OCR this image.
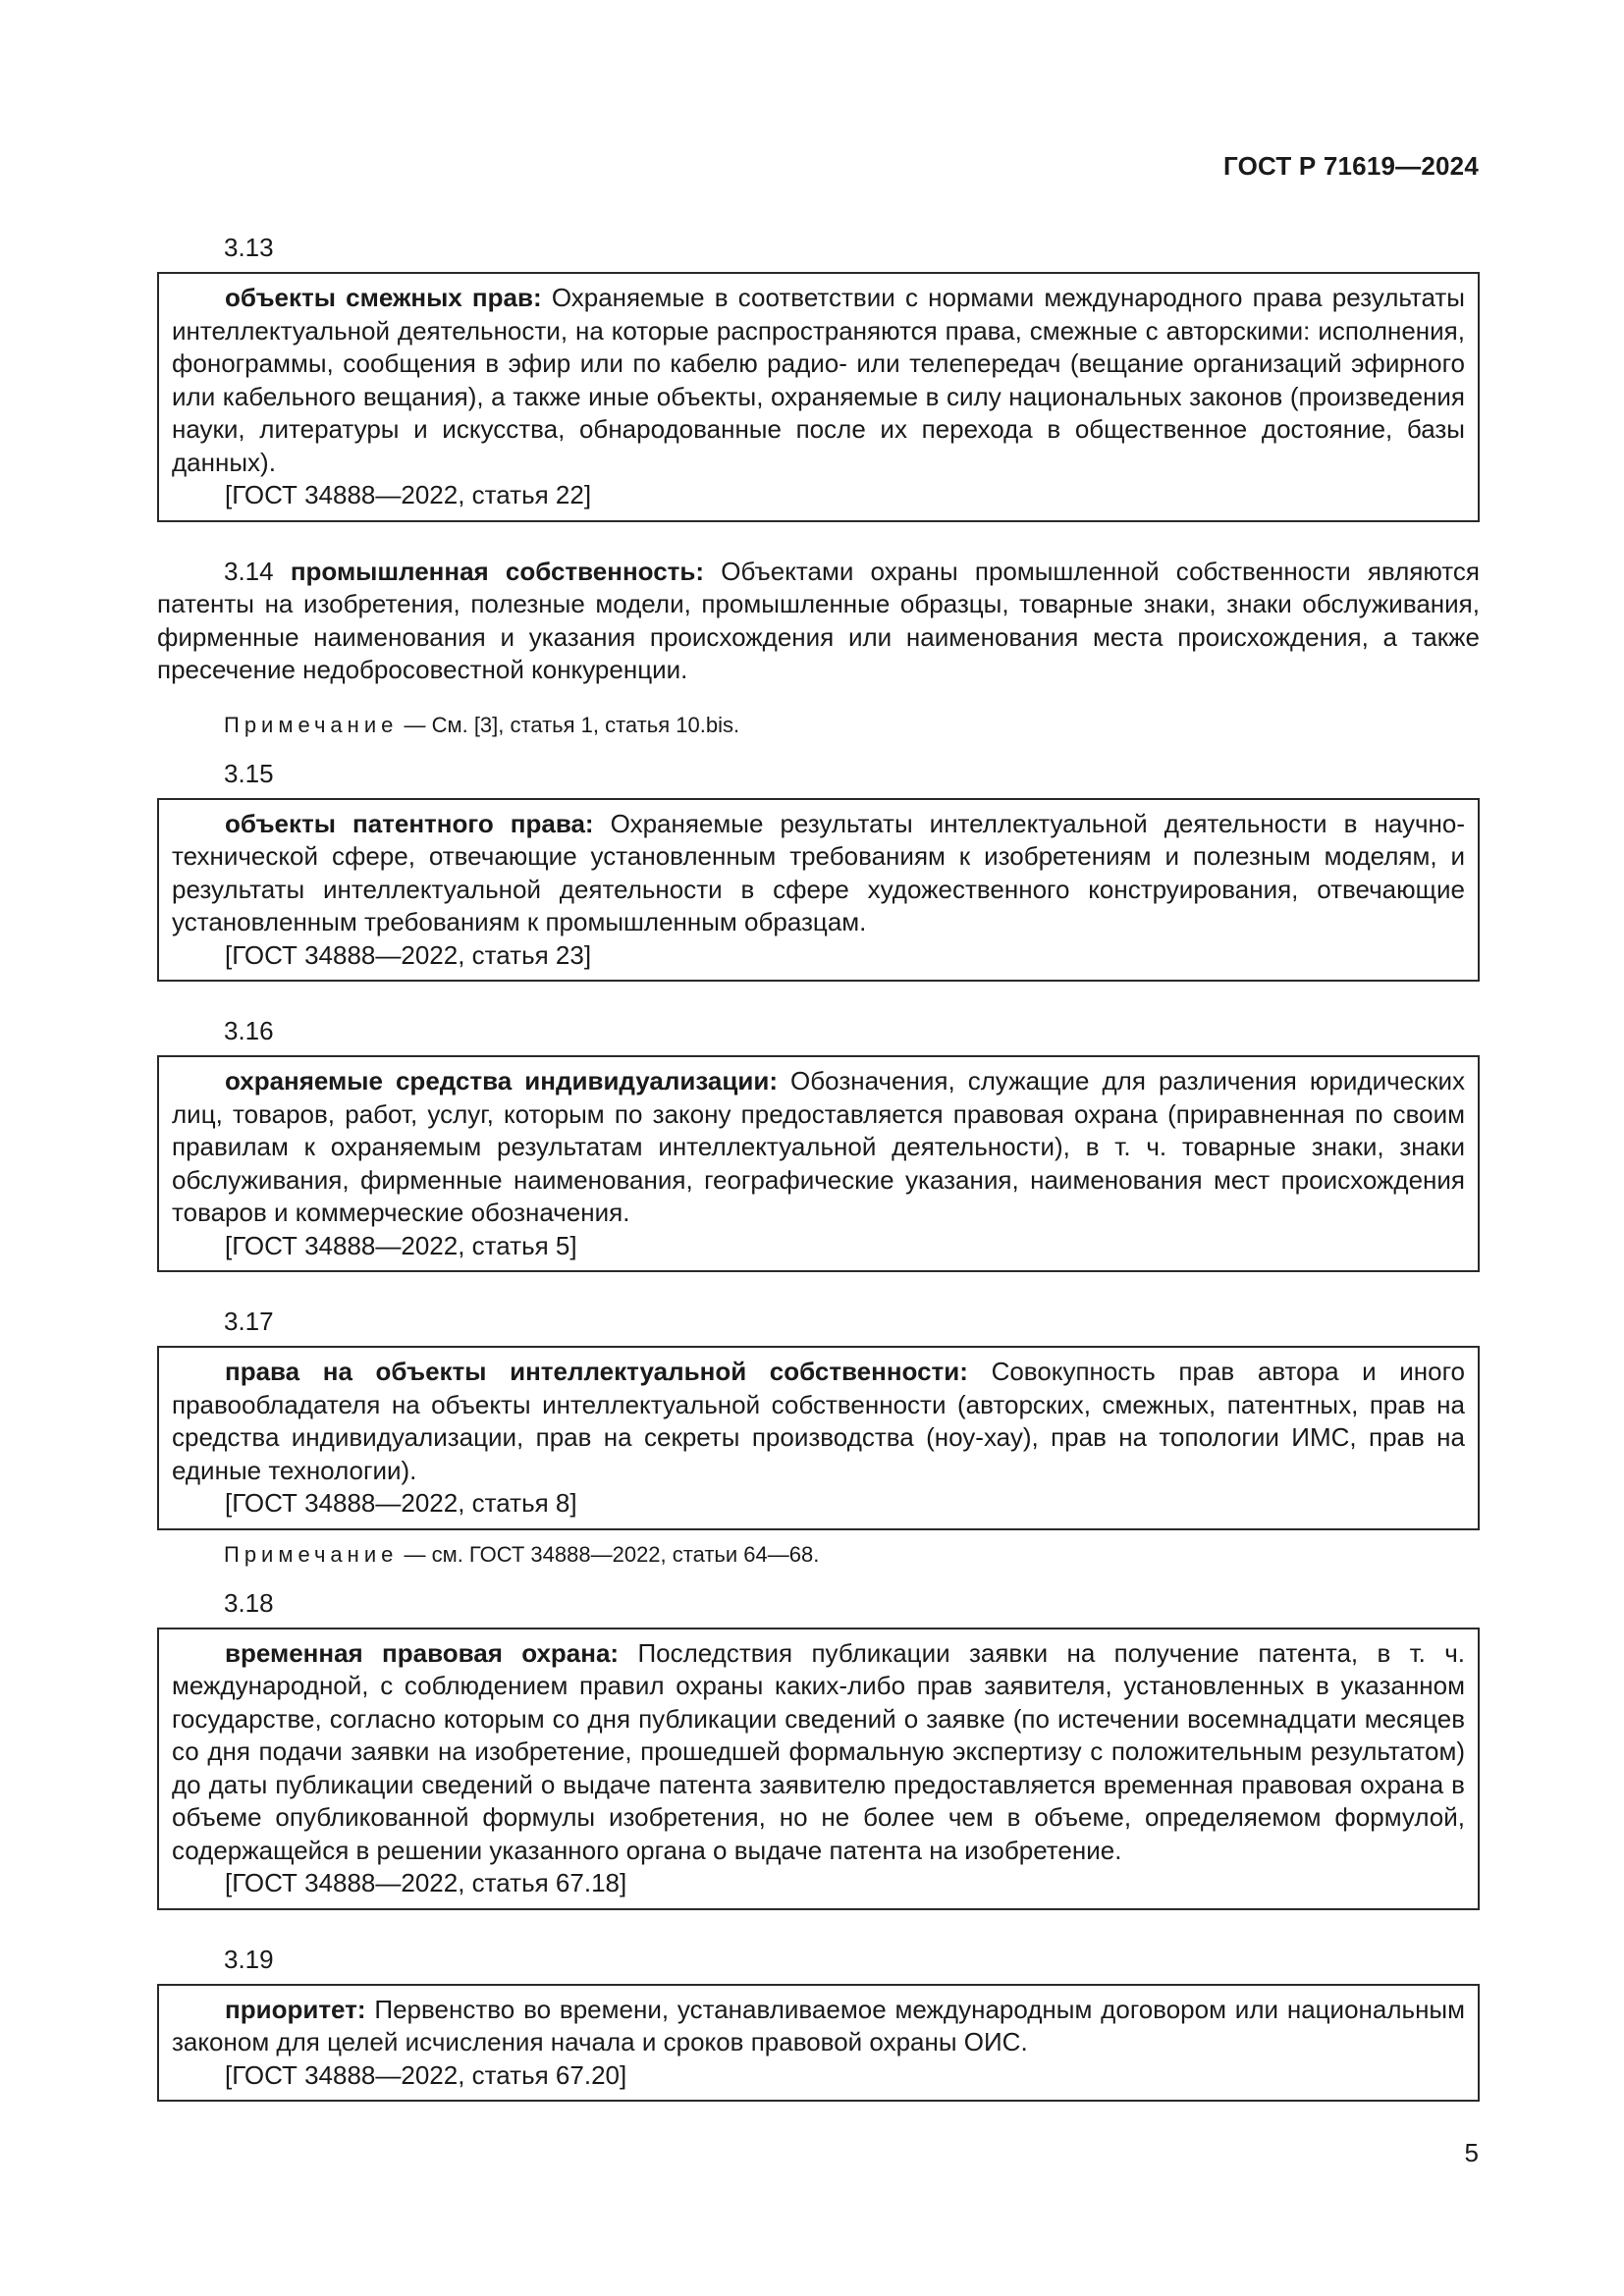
ГОСТ Р 71619—2024
3.13

объекты смежных прав: Охраняемые в соответствии с нормами международного права результаты интеллектуальной деятельности, на которые распространяются права, смежные с авторскими: исполнения, фонограммы, сообщения в эфир или по кабелю радио- или телепередач (вещание организаций эфирного или кабельного вещания), а также иные объекты, охраняемые в силу национальных законов (произведения науки, литературы и искусства, обнародованные после их перехода в общественное достояние, базы данных).

[ГОСТ 34888—2022, статья 22]

3.14 промышленная собственность: Объектами охраны промышленной собственности являются патенты на изобретения, полезные модели, промышленные образцы, товарные знаки, знаки обслуживания, фирменные наименования и указания происхождения или наименования места происхождения, а также пресечение недобросовестной конкуренции.

Примечание — См. [3], статья 1, статья 10.bis.
3.15

объекты патентного права: Охраняемые результаты интеллектуальной деятельности в научно-технической сфере, отвечающие установленным требованиям к изобретениям и полезным моделям, и результаты интеллектуальной деятельности в сфере художественного конструирования, отвечающие установленным требованиям к промышленным образцам.

[ГОСТ 34888—2022, статья 23]
3.16

охраняемые средства индивидуализации: Обозначения, служащие для различения юридических лиц, товаров, работ, услуг, которым по закону предоставляется правовая охрана (приравненная по своим правилам к охраняемым результатам интеллектуальной деятельности), в т. ч. товарные знаки, знаки обслуживания, фирменные наименования, географические указания, наименования мест происхождения товаров и коммерческие обозначения.

[ГОСТ 34888—2022, статья 5]
3.17

права на объекты интеллектуальной собственности: Совокупность прав автора и иного правообладателя на объекты интеллектуальной собственности (авторских, смежных, патентных, прав на средства индивидуализации, прав на секреты производства (ноу-хау), прав на топологии ИМС, прав на единые технологии).

[ГОСТ 34888—2022, статья 8]
Примечание — см. ГОСТ 34888—2022, статьи 64—68.
3.18

временная правовая охрана: Последствия публикации заявки на получение патента, в т. ч. международной, с соблюдением правил охраны каких-либо прав заявителя, установленных в указанном государстве, согласно которым со дня публикации сведений о заявке (по истечении восемнадцати месяцев со дня подачи заявки на изобретение, прошедшей формальную экспертизу с положительным результатом) до даты публикации сведений о выдаче патента заявителю предоставляется временная правовая охрана в объеме опубликованной формулы изобретения, но не более чем в объеме, определяемом формулой, содержащейся в решении указанного органа о выдаче патента на изобретение.

[ГОСТ 34888—2022, статья 67.18]
3.19

приоритет: Первенство во времени, устанавливаемое международным договором или национальным законом для целей исчисления начала и сроков правовой охраны ОИС.

[ГОСТ 34888—2022, статья 67.20]
5
